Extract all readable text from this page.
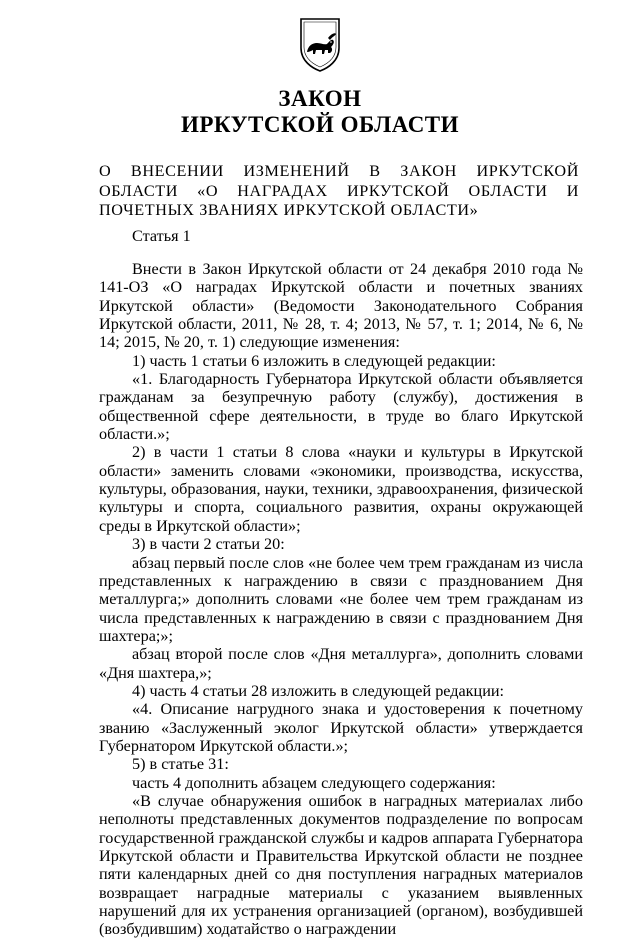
ЗАКОН
ИРКУТСКОЙ ОБЛАСТИ
О ВНЕСЕНИИ ИЗМЕНЕНИЙ В ЗАКОН ИРКУТСКОЙ ОБЛАСТИ «О НАГРАДАХ ИРКУТСКОЙ ОБЛАСТИ И ПОЧЕТНЫХ ЗВАНИЯХ ИРКУТСКОЙ ОБЛАСТИ»
Статья 1

Внести в Закон Иркутской области от 24 декабря 2010 года № 141-ОЗ «О наградах Иркутской области и почетных званиях Иркутской области» (Ведомости Законодательного Собрания Иркутской области, 2011, № 28, т. 4; 2013, № 57, т. 1; 2014, № 6, № 14; 2015, № 20, т. 1) следующие изменения:

1) часть 1 статьи 6 изложить в следующей редакции:

«1. Благодарность Губернатора Иркутской области объявляется гражданам за безупречную работу (службу), достижения в общественной сфере деятельности, в труде во благо Иркутской области.»;

2) в части 1 статьи 8 слова «науки и культуры в Иркутской области» заменить словами «экономики, производства, искусства, культуры, образования, науки, техники, здравоохранения, физической культуры и спорта, социального развития, охраны окружающей среды в Иркутской области»;

3) в части 2 статьи 20:

абзац первый после слов «не более чем трем гражданам из числа представленных к награждению в связи с празднованием Дня металлурга;» дополнить словами «не более чем трем гражданам из числа представленных к награждению в связи с празднованием Дня шахтера;»;

абзац второй после слов «Дня металлурга», дополнить словами «Дня шахтера,»;

4) часть 4 статьи 28 изложить в следующей редакции:

«4. Описание нагрудного знака и удостоверения к почетному званию «Заслуженный эколог Иркутской области» утверждается Губернатором Иркутской области.»;

5) в статье 31:

часть 4 дополнить абзацем следующего содержания:

«В случае обнаружения ошибок в наградных материалах либо неполноты представленных документов подразделение по вопросам государственной гражданской службы и кадров аппарата Губернатора Иркутской области и Правительства Иркутской области не позднее пяти календарных дней со дня поступления наградных материалов возвращает наградные материалы с указанием выявленных нарушений для их устранения организацией (органом), возбудившей (возбудившим) ходатайство о награждении
